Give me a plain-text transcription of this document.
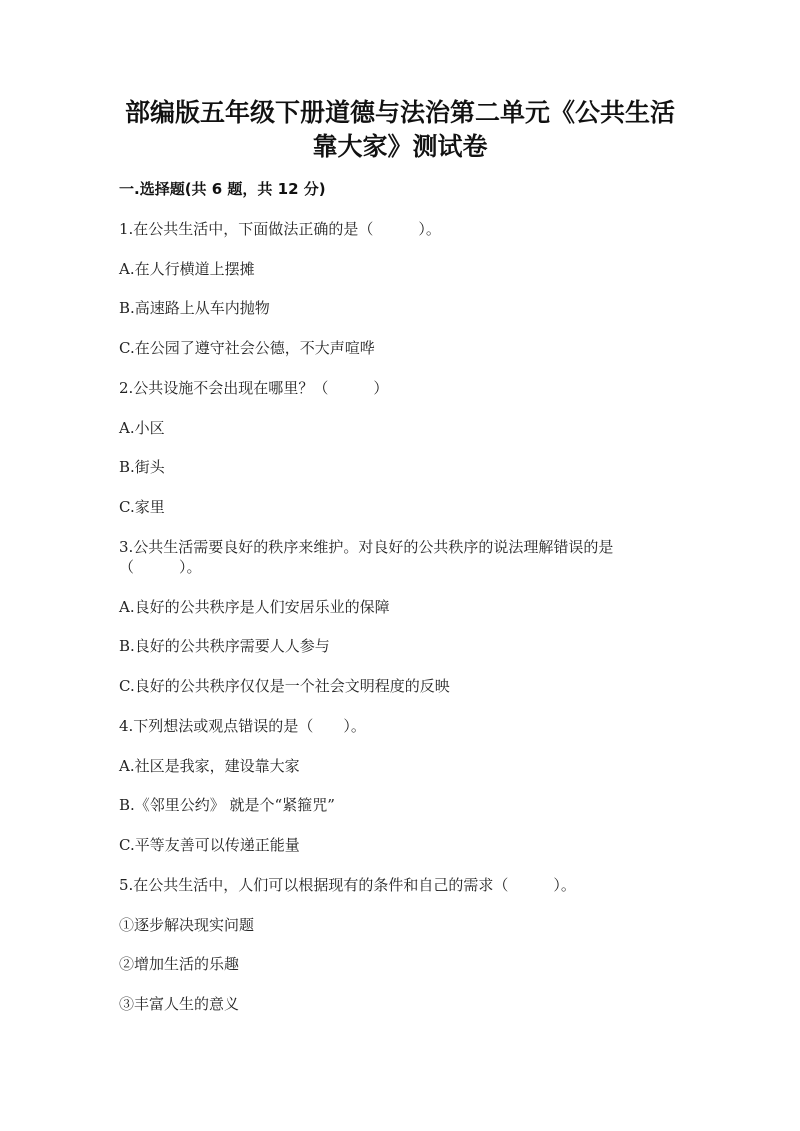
部编版五年级下册道德与法治第二单元《公共生活
靠大家》测试卷
一.选择题(共 6 题，共 12 分)
1.在公共生活中，下面做法正确的是（　　　）。
A.在人行横道上摆摊
B.高速路上从车内抛物
C.在公园了遵守社会公德，不大声喧哗
2.公共设施不会出现在哪里？（　　　）
A.小区
B.街头
C.家里
3.公共生活需要良好的秩序来维护。对良好的公共秩序的说法理解错误的是
（　　　）。
A.良好的公共秩序是人们安居乐业的保障
B.良好的公共秩序需要人人参与
C.良好的公共秩序仅仅是一个社会文明程度的反映
4.下列想法或观点错误的是（　　）。
A.社区是我家，建设靠大家
B.《邻里公约》 就是个“紧箍咒”
C.平等友善可以传递正能量
5.在公共生活中，人们可以根据现有的条件和自己的需求（　　　）。
①逐步解决现实问题
②增加生活的乐趣
③丰富人生的意义
